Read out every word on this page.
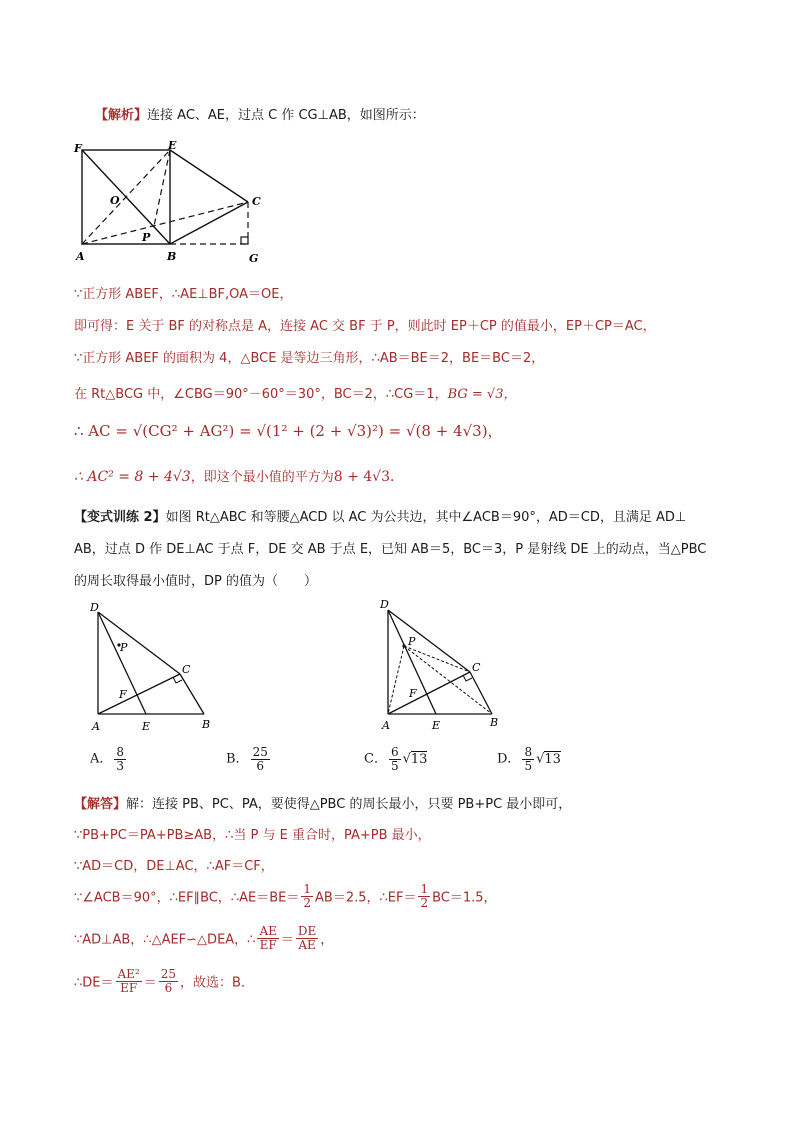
【解析】连接 AC、AE，过点 C 作 CG⊥AB，如图所示：
F	E
O	C
P
A	B	G
∵正方形 ABEF，∴AE⊥BF,OA＝OE，
即可得：E 关于 BF 的对称点是 A，连接 AC 交 BF 于 P，则此时 EP＋CP 的值最小，EP＋CP＝AC，
∵正方形 ABEF 的面积为 4，△BCE 是等边三角形，∴AB＝BE＝2，BE＝BC＝2，
在 Rt△BCG 中，∠CBG＝90°－60°＝30°，BC＝2，∴CG＝1，BG = √3，
∴ AC = √(CG² + AG²) = √(1² + (2 + √3)²) = √(8 + 4√3)，
∴ AC² = 8 + 4√3，即这个最小值的平方为8 + 4√3．
【变式训练 2】如图 Rt△ABC 和等腰△ACD 以 AC 为公共边，其中∠ACB＝90°，AD＝CD，且满足 AD⊥
AB，过点 D 作 DE⊥AC 于点 F，DE 交 AB 于点 E，已知 AB＝5，BC＝3，P 是射线 DE 上的动点，当△PBC
的周长取得最小值时，DP 的值为（　　）
D
P
C
F
A	E	B
D
P
C
F
A	E	B
A． $\frac{8}{3}$	B． $\frac{25}{6}$	C． $\frac{6}{5} √13$	D． $\frac{8}{5} √13$
【解答】解：连接 PB、PC、PA，要使得△PBC 的周长最小，只要 PB+PC 最小即可，
∵PB+PC＝PA+PB≥AB，∴当 P 与 E 重合时，PA+PB 最小，
∵AD＝CD，DE⊥AC，∴AF＝CF，
∵∠ACB＝90°，∴EF∥BC，∴AE＝BE＝ $\frac{1}{2} AB=2.5$，∴EF＝ $\frac{1}{2} BC=1.5$，
∵AD⊥AB，∴△AEF∽△DEA，∴ $\frac{AE}{EF} = \frac{DE}{AE}$ ，
∴DE＝ $\frac{\text{AE²}}{EF} = \frac{25}{6}$ ，故选：B．
